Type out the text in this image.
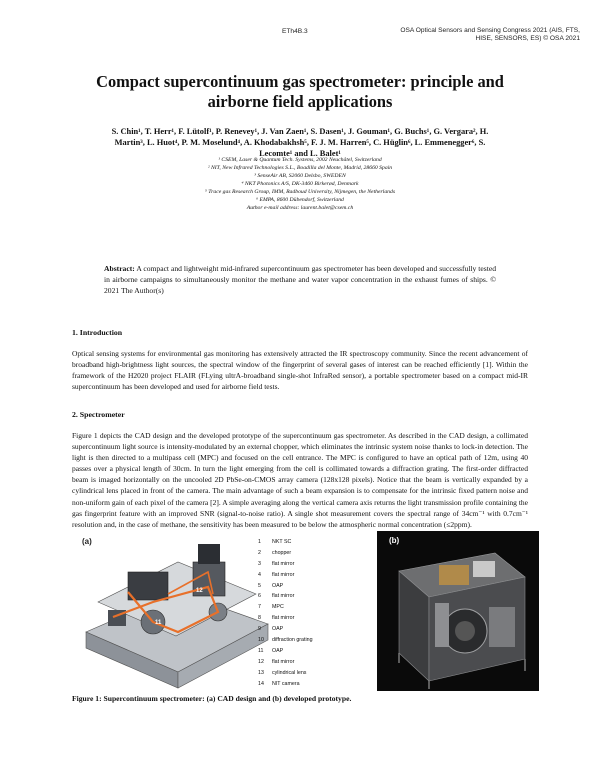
ETh4B.3	OSA Optical Sensors and Sensing Congress 2021 (AIS, FTS,
HISE, SENSORS, ES) © OSA 2021
Compact supercontinuum gas spectrometer: principle and
airborne field applications
S. Chin¹, T. Herr¹, F. Lütolf¹, P. Renevey¹, J. Van Zaen¹, S. Dasen¹, J. Gouman¹, G. Buchs¹, G. Vergara², H.
Martin³, L. Huot⁴, P. M. Moselund⁴, A. Khodabakhsh⁵, F. J. M. Harren⁵, C. Hüglin⁶, L. Emmenegger⁶, S.
Lecomte¹ and L. Balet¹
¹ CSEM, Laser & Quantum Tech. Systems, 2002 Neuchâtel, Switzerland
² NIT, New Infrared Technologies S.L., Boadilla del Monte, Madrid, 28660 Spain
³ SenseAir AB, S2060 Delsbo, SWEDEN
⁴ NKT Photonics A/S, DK-3460 Birkerød, Denmark
⁵ Trace gas Research Group, IMM, Radboud University, Nijmegen, the Netherlands
⁶ EMPA, 8600 Dübendorf, Switzerland
Author e-mail address: laurent.balet@csem.ch
Abstract: A compact and lightweight mid-infrared supercontinuum gas spectrometer has been developed and successfully tested in airborne campaigns to simultaneously monitor the methane and water vapor concentration in the exhaust fumes of ships. © 2021 The Author(s)
1. Introduction
Optical sensing systems for environmental gas monitoring has extensively attracted the IR spectroscopy community. Since the recent advancement of broadband high-brightness light sources, the spectral window of the fingerprint of several gases of interest can be reached efficiently [1]. Within the framework of the H2020 project FLAIR (FLying ultrA-broadband single-shot InfraRed sensor), a portable spectrometer based on a compact mid-IR supercontinuum has been developed and used for airborne field tests.
2. Spectrometer
Figure 1 depicts the CAD design and the developed prototype of the supercontinuum gas spectrometer. As described in the CAD design, a collimated supercontinuum light source is intensity-modulated by an external chopper, which eliminates the intrinsic system noise thanks to lock-in detection. The light is then directed to a multipass cell (MPC) and focused on the cell entrance. The MPC is configured to have an optical path of 12m, using 40 passes over a physical length of 30cm. In turn the light emerging from the cell is collimated towards a diffraction grating. The first-order diffracted beam is imaged horizontally on the uncooled 2D PbSe-on-CMOS array camera (128x128 pixels). Notice that the beam is vertically expanded by a cylindrical lens placed in front of the camera. The main advantage of such a beam expansion is to compensate for the intrinsic fixed pattern noise and non-uniform gain of each pixel of the camera [2]. A simple averaging along the vertical camera axis returns the light transmission profile containing the gas fingerprint feature with an improved SNR (signal-to-noise ratio). A single shot measurement covers the spectral range of 34cm⁻¹ with 0.7cm⁻¹ resolution and, in the case of methane, the sensitivity has been measured to be below the atmospheric normal concentration (≤2ppm).
(a)
14
11
12
1	NKT SC
2	chopper
3	flat mirror
4	flat mirror
5	OAP
6	flat mirror
7	MPC
8	flat mirror
9	OAP
10	diffraction grating
11	OAP
12	flat mirror
13	cylindrical lens
14	NIT camera
(b)
Figure 1: Supercontinuum spectrometer: (a) CAD design and (b) developed prototype.
